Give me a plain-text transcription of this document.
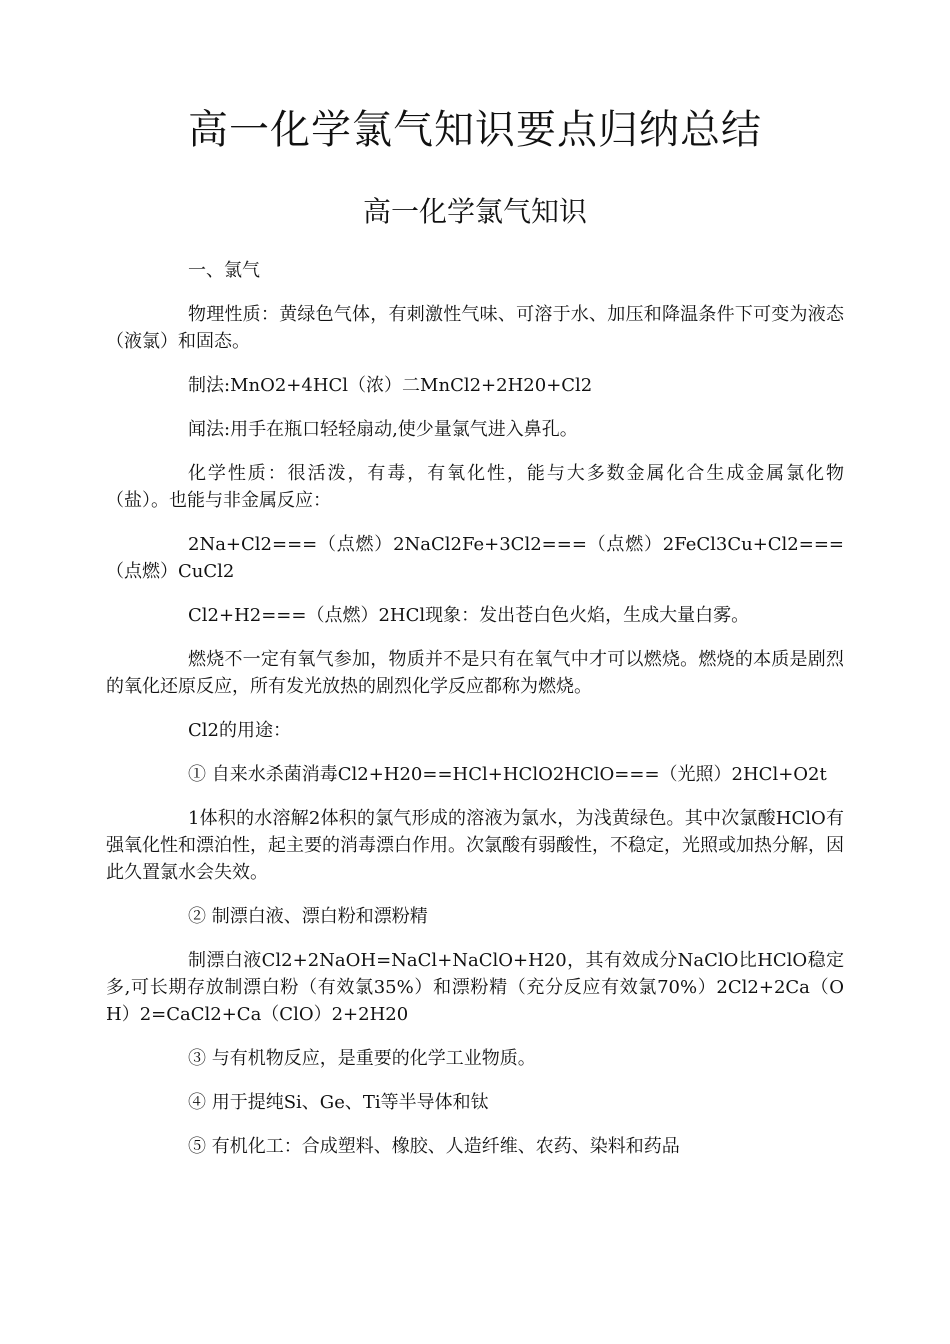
高一化学氯气知识要点归纳总结
高一化学氯气知识

一、氯气

物理性质：黄绿色气体，有刺激性气味、可溶于水、加压和降温条件下可变为液态（液氯）和固态。

制法:MnO2+4HCl（浓）二MnCl2+2H20+Cl2

闻法:用手在瓶口轻轻扇动,使少量氯气进入鼻孔。

化学性质：很活泼，有毒，有氧化性，能与大多数金属化合生成金属氯化物（盐）。也能与非金属反应：

2Na+Cl2===（点燃）2NaCl2Fe+3Cl2===（点燃）2FeCl3Cu+Cl2===（点燃）CuCl2

Cl2+H2===（点燃）2HCl现象：发出苍白色火焰，生成大量白雾。

燃烧不一定有氧气参加，物质并不是只有在氧气中才可以燃烧。燃烧的本质是剧烈的氧化还原反应，所有发光放热的剧烈化学反应都称为燃烧。

Cl2的用途：

① 自来水杀菌消毒Cl2+H20==HCl+HClO2HClO===（光照）2HCl+O2t

1体积的水溶解2体积的氯气形成的溶液为氯水，为浅黄绿色。其中次氯酸HClO有强氧化性和漂泊性，起主要的消毒漂白作用。次氯酸有弱酸性，不稳定，光照或加热分解，因此久置氯水会失效。

② 制漂白液、漂白粉和漂粉精

制漂白液Cl2+2NaOH=NaCl+NaClO+H20，其有效成分NaClO比HClO稳定多,可长期存放制漂白粉（有效氯35%）和漂粉精（充分反应有效氯70%）2Cl2+2Ca（OH）2=CaCl2+Ca（ClO）2+2H20

③ 与有机物反应，是重要的化学工业物质。

④ 用于提纯Si、Ge、Ti等半导体和钛

⑤ 有机化工：合成塑料、橡胶、人造纤维、农药、染料和药品
